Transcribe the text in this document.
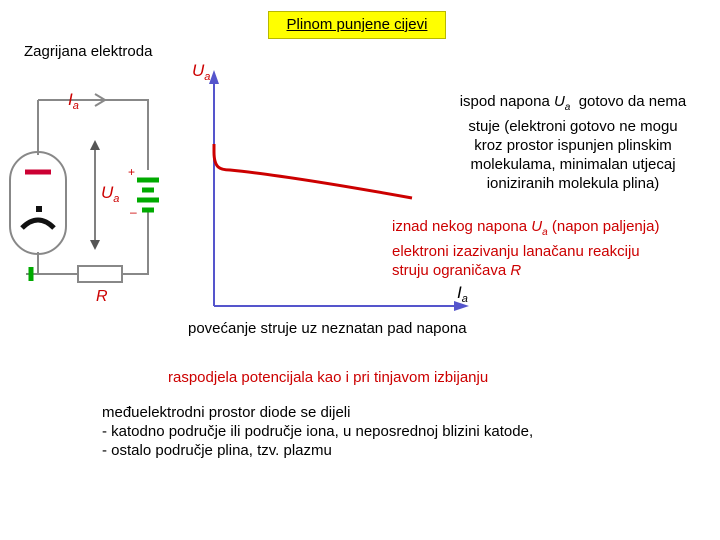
Plinom punjene cijevi
Zagrijana elektroda
$I_a$
$U_a$
R
+
–
$U_a$
$I_a$
ispod napona $U_a$  gotovo da nema
stuje (elektroni gotovo ne mogu
kroz prostor ispunjen plinskim
molekulama, minimalan utjecaj
ioniziranih molekula plina)
iznad nekog napona $U_a$ (napon paljenja)
elektroni izazivanju lanačanu reakciju
struju ograničava R
povećanje struje uz neznatan pad napona
raspodjela potencijala kao i pri tinjavom izbijanju
međuelektrodni prostor diode se dijeli
- katodno područje ili područje iona, u neposrednoj blizini katode,
- ostalo područje plina, tzv. plazmu
